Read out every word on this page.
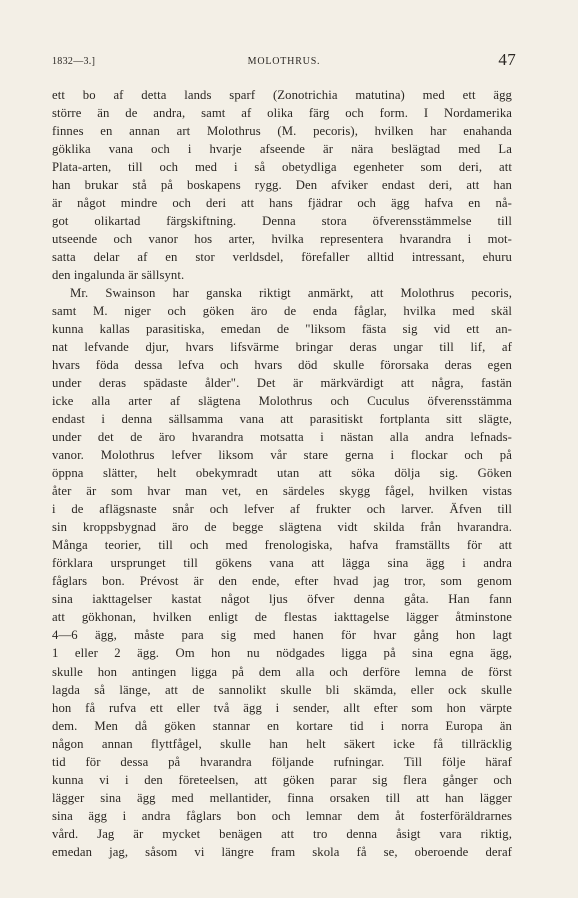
1832—3.]	MOLOTHRUS.	47
ett bo af detta lands sparf (Zonotrichia matutina) med ett ägg
större än de andra, samt af olika färg och form. I Nordamerika
finnes en annan art Molothrus (M. pecoris), hvilken har enahanda
göklika vana och i hvarje afseende är nära beslägtad med La
Plata-arten, till och med i så obetydliga egenheter som deri, att
han brukar stå på boskapens rygg. Den afviker endast deri, att han
är något mindre och deri att hans fjädrar och ägg hafva en nå-
got olikartad färgskiftning. Denna stora öfverensstämmelse till
utseende och vanor hos arter, hvilka representera hvarandra i mot-
satta delar af en stor verldsdel, förefaller alltid intressant, ehuru
den ingalunda är sällsynt.
Mr. Swainson har ganska riktigt anmärkt, att Molothrus pecoris,
samt M. niger och göken äro de enda fåglar, hvilka med skäl
kunna kallas parasitiska, emedan de "liksom fästa sig vid ett an-
nat lefvande djur, hvars lifsvärme bringar deras ungar till lif, af
hvars föda dessa lefva och hvars död skulle förorsaka deras egen
under deras spädaste ålder". Det är märkvärdigt att några, fastän
icke alla arter af slägtena Molothrus och Cuculus öfverensstämma
endast i denna sällsamma vana att parasitiskt fortplanta sitt slägte,
under det de äro hvarandra motsatta i nästan alla andra lefnads-
vanor. Molothrus lefver liksom vår stare gerna i flockar och på
öppna slätter, helt obekymradt utan att söka dölja sig. Göken
åter är som hvar man vet, en särdeles skygg fågel, hvilken vistas
i de aflägsnaste snår och lefver af frukter och larver. Äfven till
sin kroppsbygnad äro de begge slägtena vidt skilda från hvarandra.
Många teorier, till och med frenologiska, hafva framställts för att
förklara ursprunget till gökens vana att lägga sina ägg i andra
fåglars bon. Prévost är den ende, efter hvad jag tror, som genom
sina iakttagelser kastat något ljus öfver denna gåta. Han fann
att gökhonan, hvilken enligt de flestas iakttagelse lägger åtminstone
4—6 ägg, måste para sig med hanen för hvar gång hon lagt
1 eller 2 ägg. Om hon nu nödgades ligga på sina egna ägg,
skulle hon antingen ligga på dem alla och derföre lemna de först
lagda så länge, att de sannolikt skulle bli skämda, eller ock skulle
hon få rufva ett eller två ägg i sender, allt efter som hon värpte
dem. Men då göken stannar en kortare tid i norra Europa än
någon annan flyttfågel, skulle han helt säkert icke få tillräcklig
tid för dessa på hvarandra följande rufningar. Till följe häraf
kunna vi i den företeelsen, att göken parar sig flera gånger och
lägger sina ägg med mellantider, finna orsaken till att han lägger
sina ägg i andra fåglars bon och lemnar dem åt fosterföräldrarnes
vård. Jag är mycket benägen att tro denna åsigt vara riktig,
emedan jag, såsom vi längre fram skola få se, oberoende deraf
